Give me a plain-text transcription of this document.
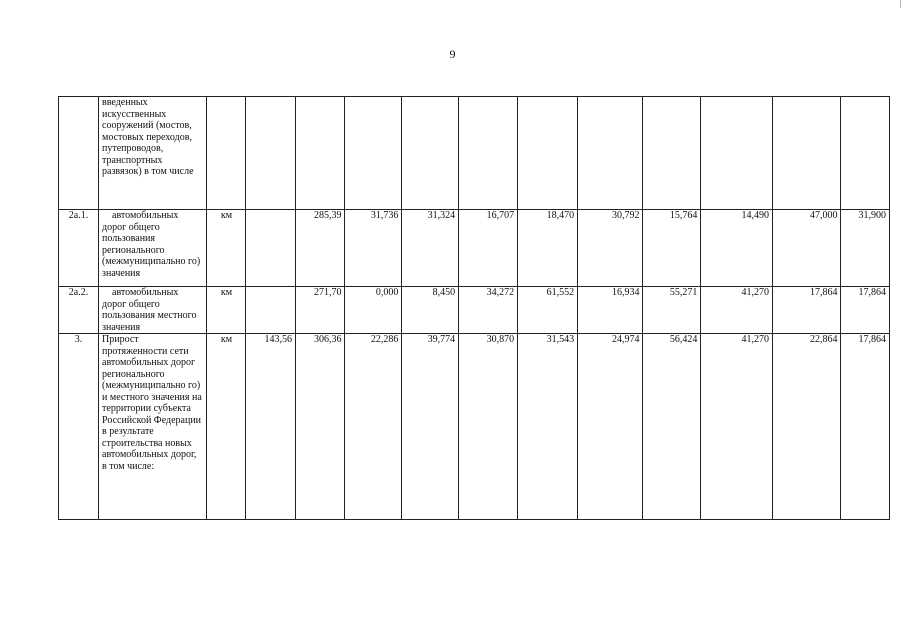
9
	введенных искусственных сооружений (мостов, мостовых переходов, путепроводов, транспортных развязок) в том числе												
2а.1.	автомобильных дорог общего пользования регионального (межмуниципально го) значения	км		285,39	31,736	31,324	16,707	18,470	30,792	15,764	14,490	47,000	31,900
2а.2.	автомобильных дорог общего пользования местного значения	км		271,70	0,000	8,450	34,272	61,552	16,934	55,271	41,270	17,864	17,864
3.	Прирост протяженности сети автомобильных дорог регионального (межмуниципально го) и местного значения на территории субъекта Российской Федерации в результате строительства новых автомобильных дорог, в том числе:	км	143,56	306,36	22,286	39,774	30,870	31,543	24,974	56,424	41,270	22,864	17,864
